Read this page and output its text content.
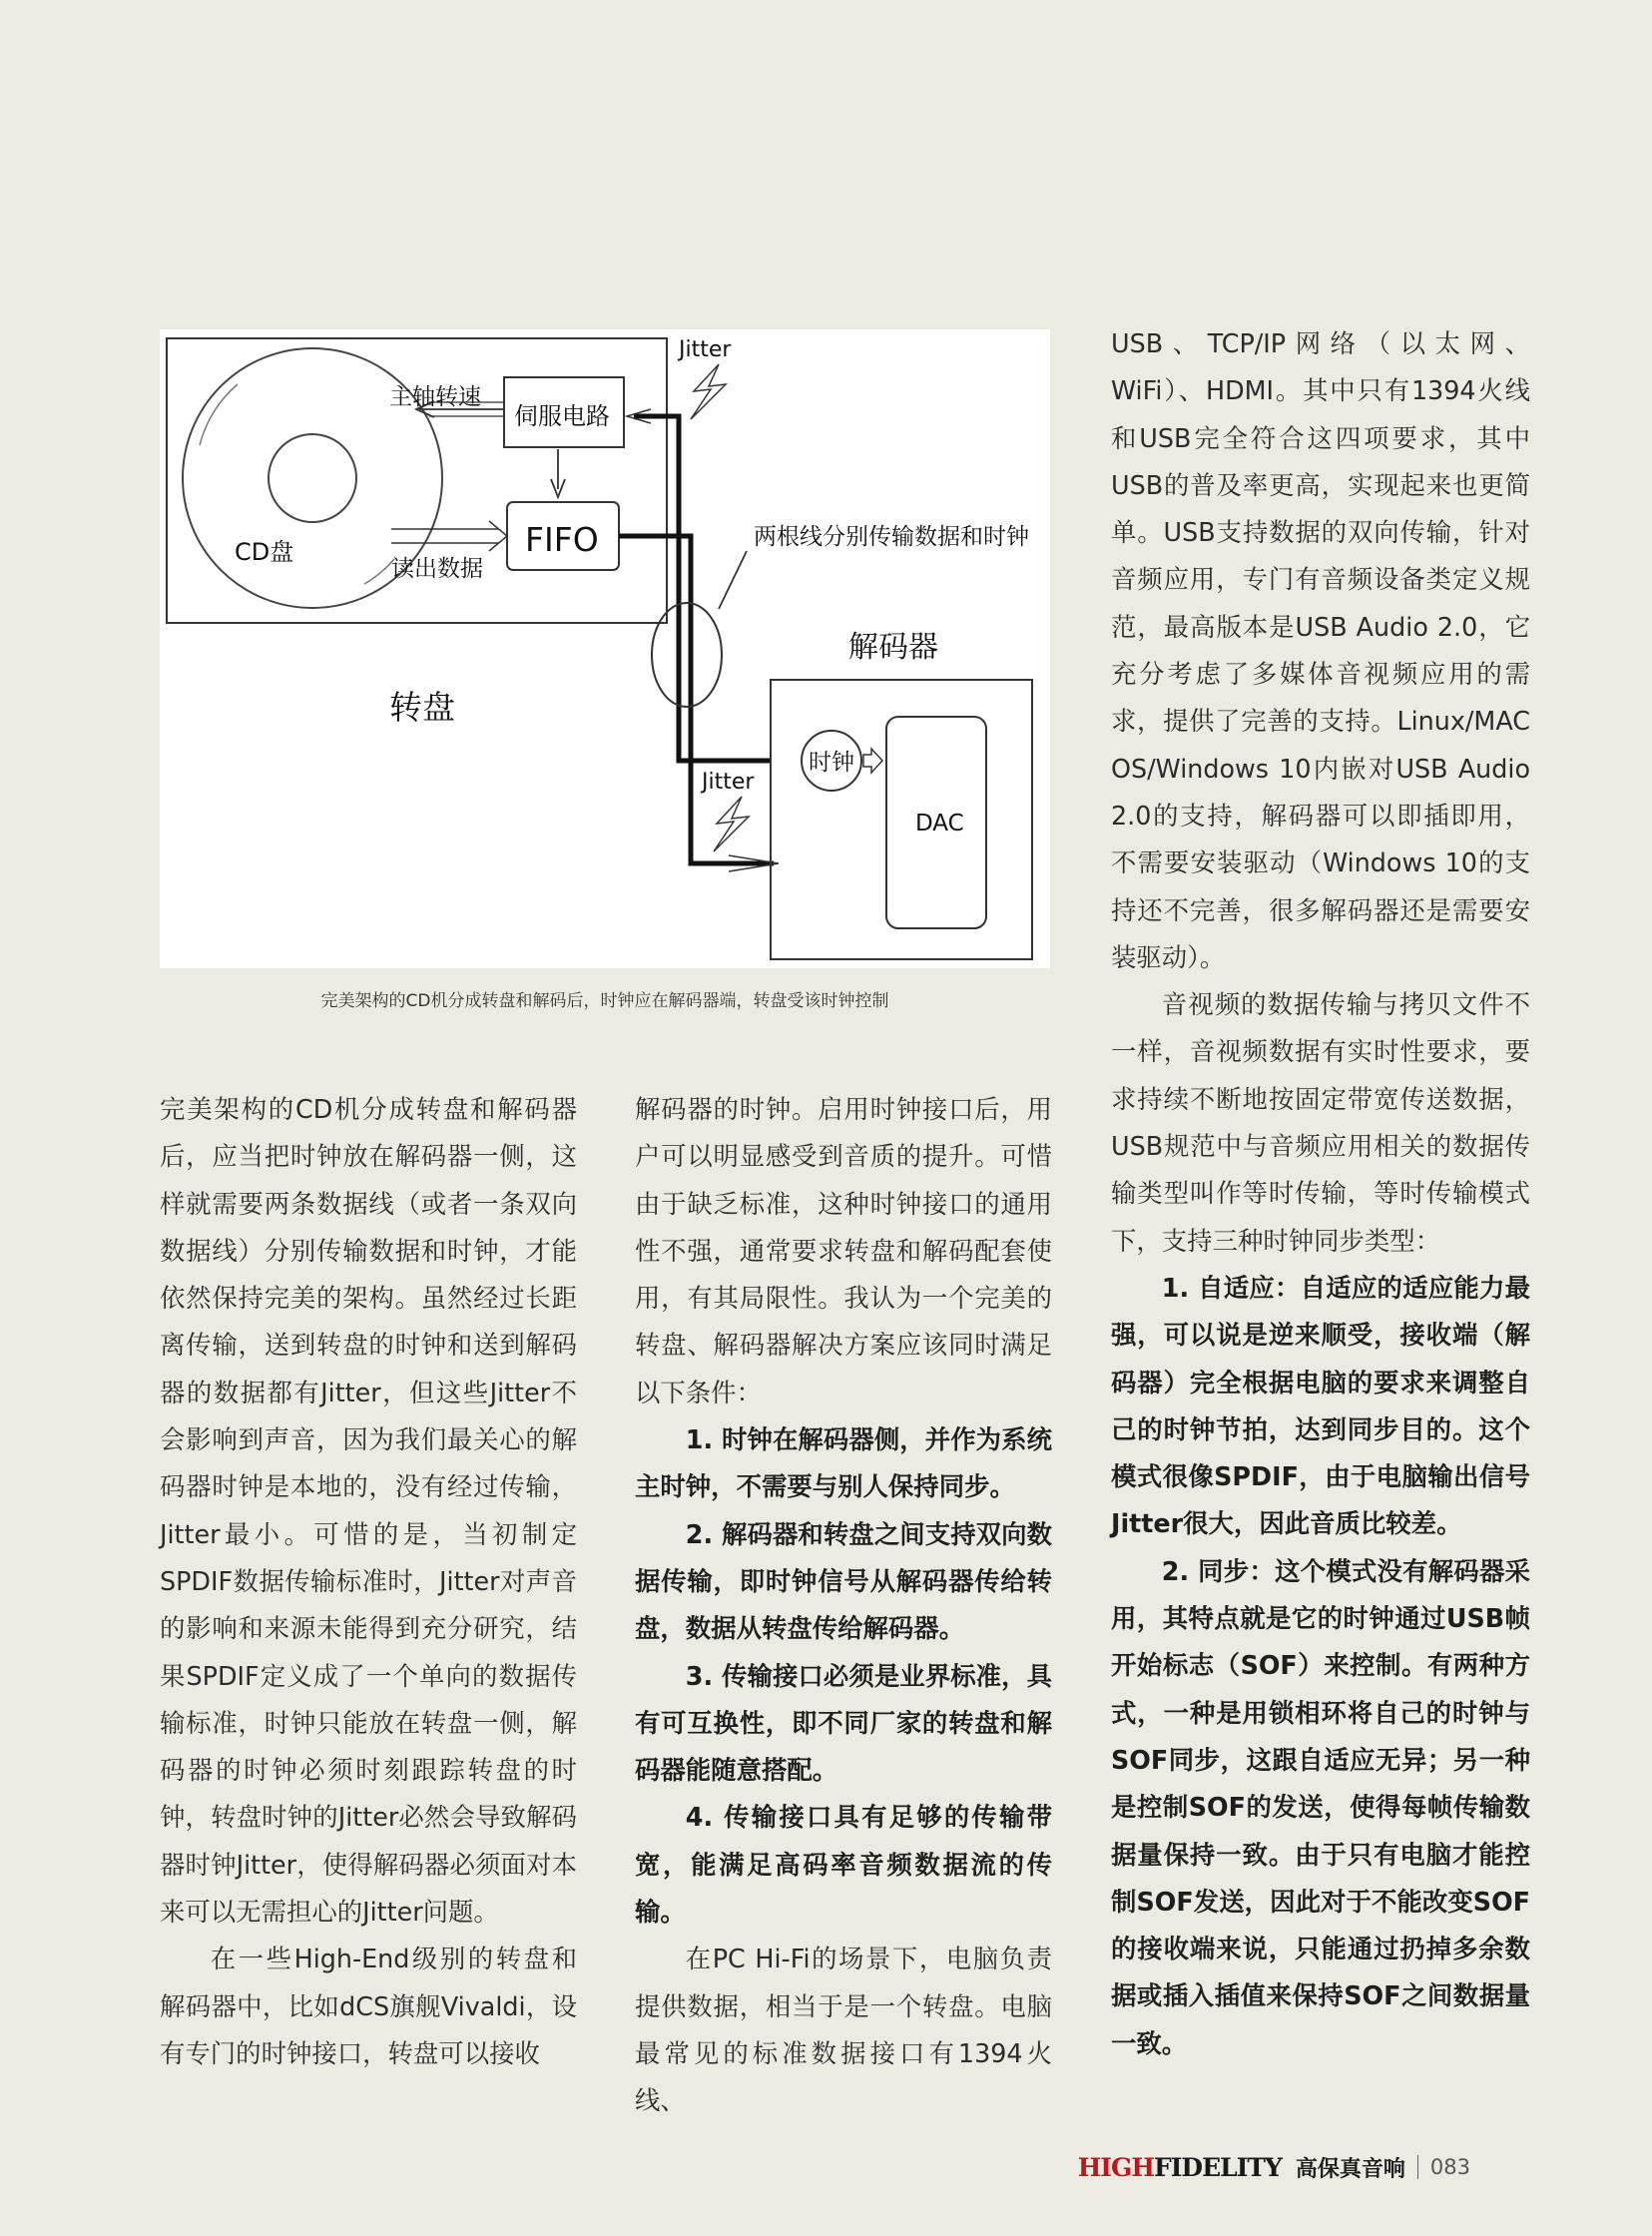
CD盘
伺服电路
FIFO
主轴转速
读出数据
两根线分别传输数据和时钟
Jitter
Jitter
解码器
时钟
DAC
转盘
完美架构的CD机分成转盘和解码后，时钟应在解码器端，转盘受该时钟控制

完美架构的CD机分成转盘和解码器后，应当把时钟放在解码器一侧，这样就需要两条数据线（或者一条双向数据线）分别传输数据和时钟，才能依然保持完美的架构。虽然经过长距离传输，送到转盘的时钟和送到解码器的数据都有Jitter，但这些Jitter不会影响到声音，因为我们最关心的解码器时钟是本地的，没有经过传输，Jitter最小。可惜的是，当初制定SPDIF数据传输标准时，Jitter对声音的影响和来源未能得到充分研究，结果SPDIF定义成了一个单向的数据传输标准，时钟只能放在转盘一侧，解码器的时钟必须时刻跟踪转盘的时钟，转盘时钟的Jitter必然会导致解码器时钟Jitter，使得解码器必须面对本来可以无需担心的Jitter问题。

在一些High-End级别的转盘和解码器中，比如dCS旗舰Vivaldi，设有专门的时钟接口，转盘可以接收

解码器的时钟。启用时钟接口后，用户可以明显感受到音质的提升。可惜由于缺乏标准，这种时钟接口的通用性不强，通常要求转盘和解码配套使用，有其局限性。我认为一个完美的转盘、解码器解决方案应该同时满足以下条件：

1. 时钟在解码器侧，并作为系统主时钟，不需要与别人保持同步。

2. 解码器和转盘之间支持双向数据传输，即时钟信号从解码器传给转盘，数据从转盘传给解码器。

3. 传输接口必须是业界标准，具有可互换性，即不同厂家的转盘和解码器能随意搭配。

4. 传输接口具有足够的传输带宽，能满足高码率音频数据流的传输。

在PC Hi-Fi的场景下，电脑负责提供数据，相当于是一个转盘。电脑最常见的标准数据接口有1394火线、

USB、TCP/IP网络（以太网、WiFi）、HDMI。其中只有1394火线和USB完全符合这四项要求，其中USB的普及率更高，实现起来也更简单。USB支持数据的双向传输，针对音频应用，专门有音频设备类定义规范，最高版本是USB Audio 2.0，它充分考虑了多媒体音视频应用的需求，提供了完善的支持。Linux/MAC OS/Windows 10内嵌对USB Audio 2.0的支持，解码器可以即插即用，不需要安装驱动（Windows 10的支持还不完善，很多解码器还是需要安装驱动）。

音视频的数据传输与拷贝文件不一样，音视频数据有实时性要求，要求持续不断地按固定带宽传送数据，USB规范中与音频应用相关的数据传输类型叫作等时传输，等时传输模式下，支持三种时钟同步类型：

1. 自适应：自适应的适应能力最强，可以说是逆来顺受，接收端（解码器）完全根据电脑的要求来调整自己的时钟节拍，达到同步目的。这个模式很像SPDIF，由于电脑输出信号Jitter很大，因此音质比较差。

2. 同步：这个模式没有解码器采用，其特点就是它的时钟通过USB帧开始标志（SOF）来控制。有两种方式，一种是用锁相环将自己的时钟与SOF同步，这跟自适应无异；另一种是控制SOF的发送，使得每帧传输数据量保持一致。由于只有电脑才能控制SOF发送，因此对于不能改变SOF的接收端来说，只能通过扔掉多余数据或插入插值来保持SOF之间数据量一致。

HIGHFIDELITY 高保真音响 083
